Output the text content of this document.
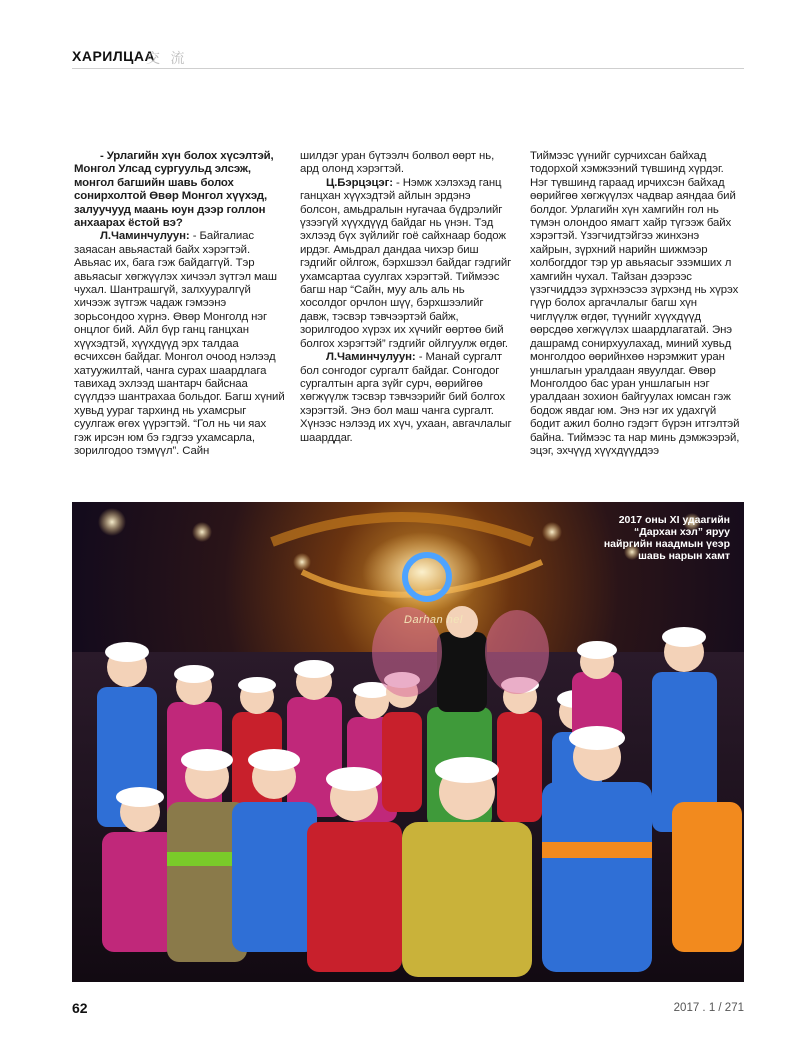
ХАРИЛЦАА
交 流

- Урлагийн хүн болох хүсэлтэй, Монгол Улсад сургуульд элсэж, монгол багшийн шавь болох сонирхолтой Өвөр Монгол хүүхэд, залуучууд маань юун дээр голлон анхаарах ёстой вэ?

Л.Чаминчулуун: - Байгалиас заяасан авьяастай байх хэрэгтэй. Авьяас их, бага гэж байдаггүй. Тэр авьяасыг хөгжүүлэх хичээл зүтгэл маш чухал. Шантрашгүй, залхууралгүй хичээж зүтгэж чадаж гэмээнэ зорьсондоо хүрнэ. Өвөр Монголд нэг онцлог бий. Айл бүр ганц ганцхан хүүхэдтэй, хүүхдүүд эрх талдаа өсчихсөн байдаг. Монгол очоод нэлээд хатуужилтай, чанга сурах шаардлага тавихад эхлээд шантарч байснаа сүүлдээ шантрахаа больдог. Багш хүний хувьд уураг тархинд нь ухамсрыг суулгаж өгөх үүрэгтэй. “Гол нь чи яах гэж ирсэн юм бэ гэдгээ ухамсарла, зорилгодоо тэмүүл”. Сайн

шилдэг уран бүтээлч болвол өөрт нь, ард олонд хэрэгтэй.

Ц.Бэрцэцэг: - Нэмж хэлэхэд ганц ганцхан хүүхэдтэй айлын эрдэнэ болсон, амьдралын нугачаа бүдрэлийг үзээгүй хүүхдүүд байдаг нь үнэн. Тэд эхлээд бүх зүйлийг гоё сайхнаар бодож ирдэг. Амьдрал дандаа чихэр биш гэдгийг ойлгож, бэрхшээл байдаг гэдгийг ухамсартаа суулгах хэрэгтэй. Тиймээс багш нар “Сайн, муу аль аль нь хосолдог орчлон шүү, бэрхшээлийг давж, тэсвэр тэвчээртэй байж, зорилгодоо хүрэх их хүчийг өөртөө бий болгох хэрэгтэй” гэдгийг ойлгуулж өгдөг.

Л.Чаминчулуун: - Манай сургалт бол сонгодог сургалт байдаг. Сонгодог сургалтын арга зүйг сурч, өөрийгөө хөгжүүлж тэсвэр тэвчээрийг бий болгох хэрэгтэй. Энэ бол маш чанга сургалт. Хүнээс нэлээд их хүч, ухаан, авгачлалыг шаарддаг.

Тиймээс үүнийг сурчихсан байхад тодорхой хэмжээний түвшинд хүрдэг. Нэг түвшинд гараад ирчихсэн байхад өөрийгөө хөгжүүлэх чадвар аяндаа бий болдог. Урлагийн хүн хамгийн гол нь түмэн олондоо ямагт хайр түгээж байх хэрэгтэй. Үзэгчидтэйгээ жинхэнэ хайрын, зүрхний нарийн шижмээр холбогддог тэр ур авьяасыг эзэмших л хамгийн чухал. Тайзан дээрээс үзэгчиддээ зүрхнээсээ зүрхэнд нь хүрэх гүүр болох аргачлалыг багш хүн чиглүүлж өгдөг, түүнийг хүүхдүүд өөрсдөө хөгжүүлэх шаардлагатай. Энэ дашрамд сонирхуулахад, миний хувьд монголдоо өөрийнхөө нэрэмжит уран уншлагын уралдаан явуулдаг. Өвөр Монголдоо бас уран уншлагын нэг уралдаан зохион байгуулах юмсан гэж бодож явдаг юм. Энэ нэг их удахгүй бодит ажил болно гэдэгт бүрэн итгэлтэй байна. Тиймээс та нар минь дэмжээрэй, эцэг, эхчүүд хүүхдүүддээ

Darhan hel
2017 оны XI удаагийн “Дархан хэл” яруу найргийн наадмын үеэр шавь нарын хамт
62	2017 . 1 / 271
